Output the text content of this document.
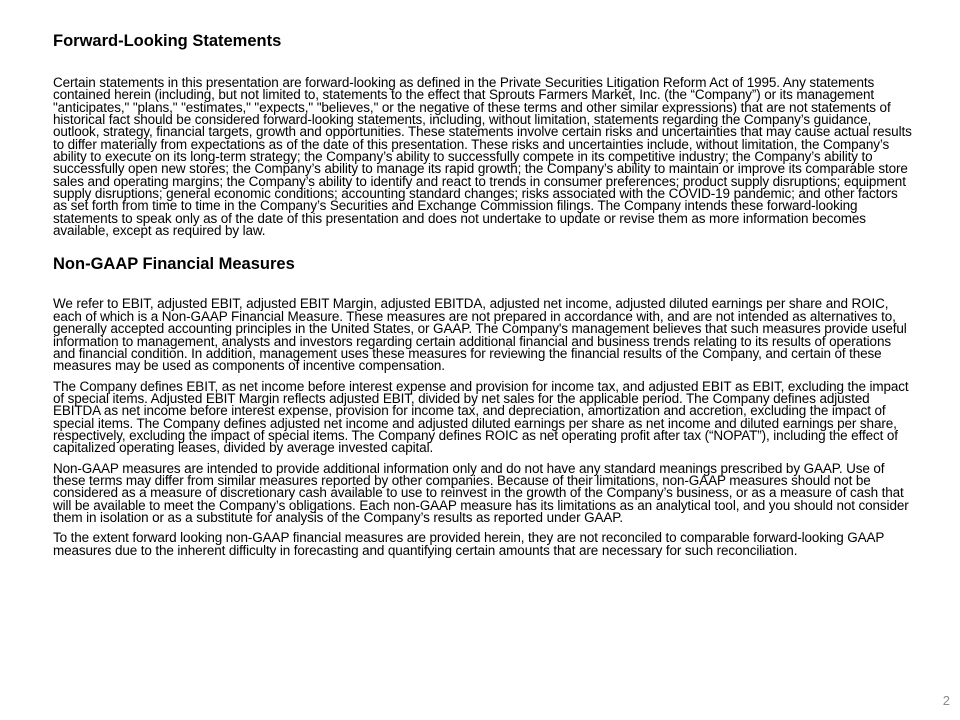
Forward-Looking Statements

Certain statements in this presentation are forward-looking as defined in the Private Securities Litigation Reform Act of 1995. Any statements contained herein (including, but not limited to, statements to the effect that Sprouts Farmers Market, Inc. (the “Company”) or its management "anticipates," "plans," "estimates," "expects," "believes," or the negative of these terms and other similar expressions) that are not statements of historical fact should be considered forward-looking statements, including, without limitation, statements regarding the Company’s guidance, outlook, strategy, financial targets, growth and opportunities. These statements involve certain risks and uncertainties that may cause actual results to differ materially from expectations as of the date of this presentation. These risks and uncertainties include, without limitation, the Company’s ability to execute on its long-term strategy; the Company’s ability to successfully compete in its competitive industry; the Company’s ability to successfully open new stores; the Company’s ability to manage its rapid growth; the Company’s ability to maintain or improve its comparable store sales and operating margins; the Company’s ability to identify and react to trends in consumer preferences; product supply disruptions; equipment supply disruptions; general economic conditions; accounting standard changes; risks associated with the COVID-19 pandemic; and other factors as set forth from time to time in the Company’s Securities and Exchange Commission filings. The Company intends these forward-looking statements to speak only as of the date of this presentation and does not undertake to update or revise them as more information becomes available, except as required by law.

Non-GAAP Financial Measures

We refer to EBIT, adjusted EBIT, adjusted EBIT Margin, adjusted EBITDA, adjusted net income, adjusted diluted earnings per share and ROIC, each of which is a Non-GAAP Financial Measure. These measures are not prepared in accordance with, and are not intended as alternatives to, generally accepted accounting principles in the United States, or GAAP. The Company's management believes that such measures provide useful information to management, analysts and investors regarding certain additional financial and business trends relating to its results of operations and financial condition. In addition, management uses these measures for reviewing the financial results of the Company, and certain of these measures may be used as components of incentive compensation.

The Company defines EBIT, as net income before interest expense and provision for income tax, and adjusted EBIT as EBIT, excluding the impact of special items. Adjusted EBIT Margin reflects adjusted EBIT, divided by net sales for the applicable period. The Company defines adjusted EBITDA as net income before interest expense, provision for income tax, and depreciation, amortization and accretion, excluding the impact of special items. The Company defines adjusted net income and adjusted diluted earnings per share as net income and diluted earnings per share, respectively, excluding the impact of special items. The Company defines ROIC as net operating profit after tax (“NOPAT”), including the effect of capitalized operating leases, divided by average invested capital.

Non-GAAP measures are intended to provide additional information only and do not have any standard meanings prescribed by GAAP. Use of these terms may differ from similar measures reported by other companies. Because of their limitations, non-GAAP measures should not be considered as a measure of discretionary cash available to use to reinvest in the growth of the Company’s business, or as a measure of cash that will be available to meet the Company’s obligations. Each non-GAAP measure has its limitations as an analytical tool, and you should not consider them in isolation or as a substitute for analysis of the Company’s results as reported under GAAP.

To the extent forward looking non-GAAP financial measures are provided herein, they are not reconciled to comparable forward-looking GAAP measures due to the inherent difficulty in forecasting and quantifying certain amounts that are necessary for such reconciliation.

2
